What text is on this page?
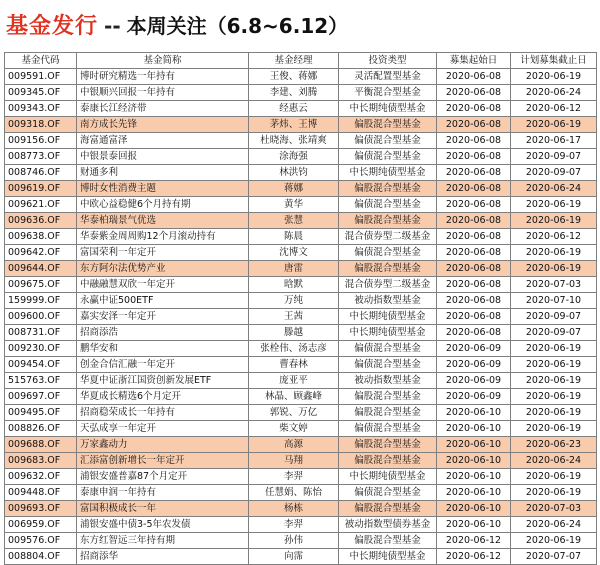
基金发行 -- 本周关注（6.8~6.12）
基金代码	基金简称	基金经理	投资类型	募集起始日	计划募集截止日
009591.OF	博时研究精选一年持有	王俊、蒋娜	灵活配置型基金	2020-06-08	2020-06-19
009345.OF	中银顺兴回报一年持有	李建、刘腾	平衡混合型基金	2020-06-08	2020-06-24
009343.OF	泰康长江经济带	经惠云	中长期纯债型基金	2020-06-08	2020-06-12
009318.OF	南方成长先锋	茅炜、王博	偏股混合型基金	2020-06-08	2020-06-19
009156.OF	海富通富泽	杜晓海、张靖爽	偏债混合型基金	2020-06-08	2020-06-17
008773.OF	中银景泰回报	涂海强	偏债混合型基金	2020-06-08	2020-09-07
008746.OF	财通多利	林洪钧	中长期纯债型基金	2020-06-08	2020-09-07
009619.OF	博时女性消费主题	蒋娜	偏股混合型基金	2020-06-08	2020-06-24
009621.OF	中欧心益稳健6个月持有期	黄华	偏债混合型基金	2020-06-08	2020-06-19
009636.OF	华泰柏瑞景气优选	张慧	偏股混合型基金	2020-06-08	2020-06-19
009638.OF	华泰紫金周周购12个月滚动持有	陈晨	混合债券型二级基金	2020-06-08	2020-06-12
009642.OF	富国荣利一年定开	沈博文	偏债混合型基金	2020-06-08	2020-06-19
009644.OF	东方阿尔法优势产业	唐雷	偏股混合型基金	2020-06-08	2020-06-19
009675.OF	中融融慧双欣一年定开	晗默	混合债券型二级基金	2020-06-08	2020-07-03
159999.OF	永赢中证500ETF	万纯	被动指数型基金	2020-06-08	2020-07-10
009600.OF	嘉实安泽一年定开	王茜	中长期纯债型基金	2020-06-08	2020-09-07
008731.OF	招商添浩	滕越	中长期纯债型基金	2020-06-08	2020-09-07
009230.OF	鹏华安和	张栓伟、汤志彦	偏债混合型基金	2020-06-09	2020-06-19
009454.OF	创金合信汇融一年定开	曹春林	偏债混合型基金	2020-06-09	2020-06-19
515763.OF	华夏中证浙江国资创新发展ETF	庞亚平	被动指数型基金	2020-06-09	2020-06-19
009697.OF	华夏成长精选6个月定开	林晶、顾鑫峰	偏股混合型基金	2020-06-09	2020-06-19
009495.OF	招商稳荣成长一年持有	郭锐、万亿	偏股混合型基金	2020-06-10	2020-06-19
008826.OF	天弘成享一年定开	柴文婷	偏债混合型基金	2020-06-10	2020-06-19
009688.OF	万家鑫动力	高源	偏股混合型基金	2020-06-10	2020-06-23
009683.OF	汇添富创新增长一年定开	马翔	偏股混合型基金	2020-06-10	2020-06-24
009632.OF	浦银安盛普嘉87个月定开	李羿	中长期纯债型基金	2020-06-10	2020-06-19
009448.OF	泰康申润一年持有	任慧娟、陈怡	偏债混合型基金	2020-06-10	2020-06-19
009693.OF	富国积极成长一年	杨栋	偏股混合型基金	2020-06-10	2020-07-03
006959.OF	浦银安盛中债3-5年农发债	李羿	被动指数型债券基金	2020-06-10	2020-06-24
009576.OF	东方红智远三年持有期	孙伟	偏股混合型基金	2020-06-12	2020-06-19
008804.OF	招商添华	向霈	中长期纯债型基金	2020-06-12	2020-07-07
